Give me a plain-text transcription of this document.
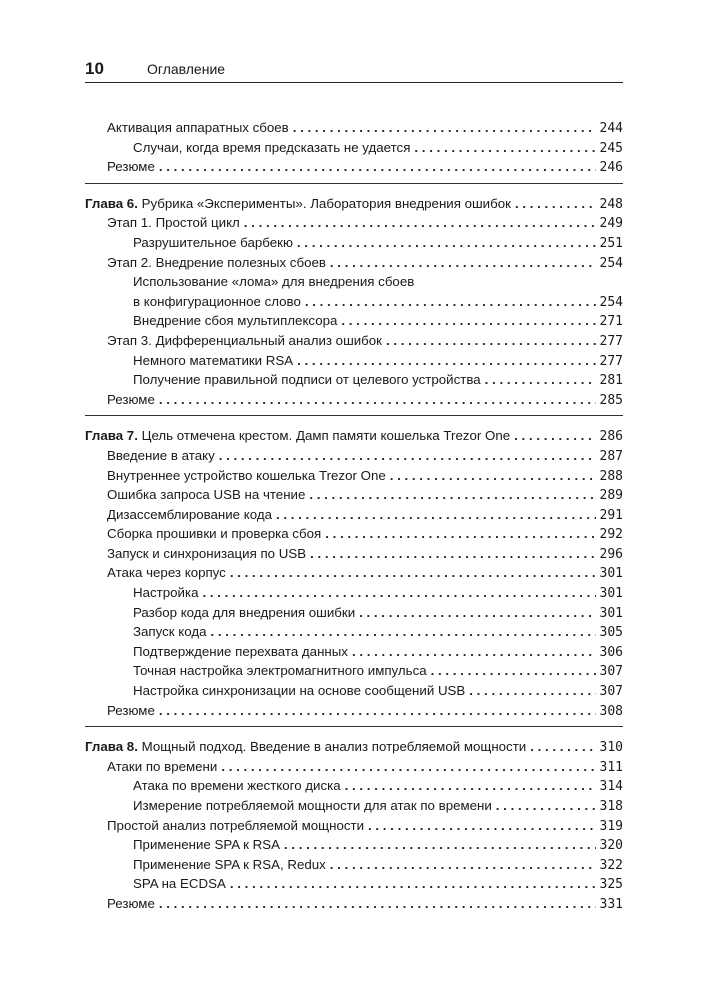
10	Оглавление
Активация аппаратных сбоев . . .	244
Случаи, когда время предсказать не удается . . .	245
Резюме . . .	246
Глава 6. Рубрика «Эксперименты». Лаборатория внедрения ошибок . . .	248
Этап 1. Простой цикл . . .	249
Разрушительное барбекю . . .	251
Этап 2. Внедрение полезных сбоев . . .	254
Использование «лома» для внедрения сбоев
в конфигурационное слово . . .	254
Внедрение сбоя мультиплексора . . .	271
Этап 3. Дифференциальный анализ ошибок . . .	277
Немного математики RSA . . .	277
Получение правильной подписи от целевого устройства . . .	281
Резюме . . .	285
Глава 7. Цель отмечена крестом. Дамп памяти кошелька Trezor One . . .	286
Введение в атаку . . .	287
Внутреннее устройство кошелька Trezor One . . .	288
Ошибка запроса USB на чтение . . .	289
Дизассемблирование кода . . .	291
Сборка прошивки и проверка сбоя . . .	292
Запуск и синхронизация по USB . . .	296
Атака через корпус . . .	301
Настройка . . .	301
Разбор кода для внедрения ошибки . . .	301
Запуск кода . . .	305
Подтверждение перехвата данных . . .	306
Точная настройка электромагнитного импульса . . .	307
Настройка синхронизации на основе сообщений USB . . .	307
Резюме . . .	308
Глава 8. Мощный подход. Введение в анализ потребляемой мощности . . .	310
Атаки по времени . . .	311
Атака по времени жесткого диска . . .	314
Измерение потребляемой мощности для атак по времени . . .	318
Простой анализ потребляемой мощности . . .	319
Применение SPA к RSA . . .	320
Применение SPA к RSA, Redux . . .	322
SPA на ECDSA . . .	325
Резюме . . .	331
